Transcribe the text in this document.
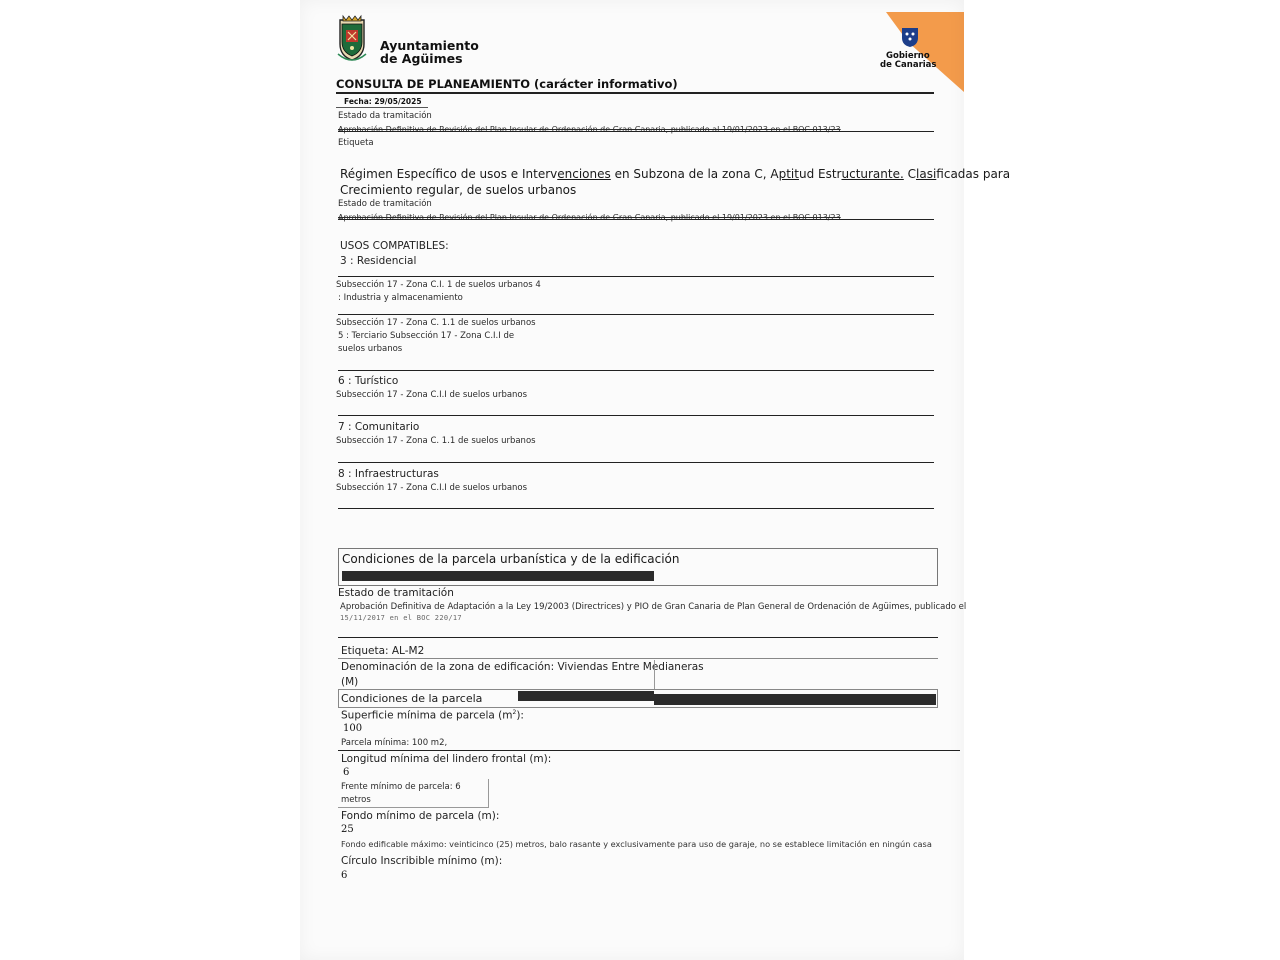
Ayuntamiento
de Agüimes	Gobierno
de Canarias
CONSULTA DE PLANEAMIENTO (carácter informativo)
Fecha: 29/05/2025
Estado da tramitación
Aprobación Definitiva de Revisión del Plan Insular de Ordenación de Gran Canaria, publicado al 19/01/2023 en el BOC 013/23
Etiqueta
Régimen Específico de usos e Intervenciones en Subzona de la zona C, Aptitud Estructurante. Clasificadas para
Crecimiento regular, de suelos urbanos
Estado de tramitación
Aprobación Definitiva de Revisión del Plan Insular de Ordenación de Gran Canaria, publicado el 19/01/2023 en el BOC 013/23
USOS COMPATIBLES:
3 : Residencial
Subsección 17 - Zona C.I. 1 de suelos urbanos 4
: Industria y almacenamiento
Subsección 17 - Zona C. 1.1 de suelos urbanos
5 : Terciario Subsección 17 - Zona C.I.I de
suelos urbanos
6 : Turístico
Subsección 17 - Zona C.I.I de suelos urbanos
7 : Comunitario
Subsección 17 - Zona C. 1.1 de suelos urbanos
8 : Infraestructuras
Subsección 17 - Zona C.I.I de suelos urbanos
Condiciones de la parcela urbanística y de la edificación
Estado de tramitación
Aprobación Definitiva de Adaptación a la Ley 19/2003 (Directrices) y PIO de Gran Canaria de Plan General de Ordenación de Agüimes, publicado el
15/11/2017 en el BOC 220/17
Etiqueta: AL-M2
Denominación de la zona de edificación: Viviendas Entre Medianeras
(M)
Condiciones de la parcela
Superficie mínima de parcela $(m^2)$:
100
Parcela mínima: 100 m2,
Longitud mínima del lindero frontal (m):
6
Frente mínimo de parcela: 6
metros
Fondo mínimo de parcela (m):
25
Fondo edificable máximo: veinticinco (25) metros, balo rasante y exclusivamente para uso de garaje, no se establece limitación en ningún casa
Círculo Inscribible mínimo (m):
6
